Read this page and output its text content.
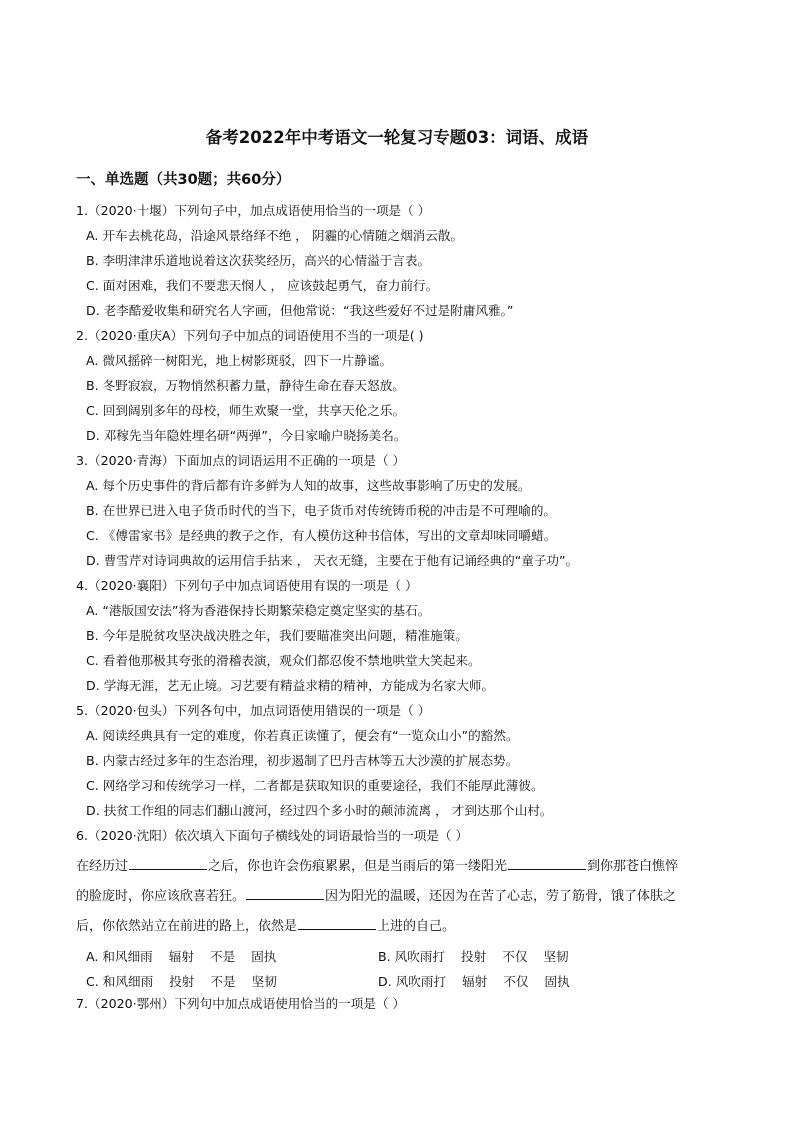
备考2022年中考语文一轮复习专题03：词语、成语
一、单选题（共30题；共60分）
1.（2020·十堰）下列句子中，加点成语使用恰当的一项是（ ）
A. 开车去桃花岛，沿途风景络绎不绝 ， 阴霾的心情随之烟消云散。
B. 李明津津乐道地说着这次获奖经历，高兴的心情溢于言表。
C. 面对困难，我们不要悲天悯人 ， 应该鼓起勇气，奋力前行。
D. 老李酷爱收集和研究名人字画，但他常说：“我这些爱好不过是附庸风雅。”
2.（2020·重庆A）下列句子中加点的词语使用不当的一项是( )
A. 微风摇碎一树阳光，地上树影斑驳，四下一片静谧。
B. 冬野寂寂，万物悄然积蓄力量，静待生命在春天怒放。
C. 回到阔别多年的母校，师生欢聚一堂，共享天伦之乐。
D. 邓稼先当年隐姓埋名研“两弹”，今日家喻户晓扬美名。
3.（2020·青海）下面加点的词语运用不正确的一项是（ ）
A. 每个历史事件的背后都有许多鲜为人知的故事，这些故事影响了历史的发展。
B. 在世界已进入电子货币时代的当下，电子货币对传统铸币税的冲击是不可理喻的。
C. 《傅雷家书》是经典的教子之作，有人模仿这种书信体，写出的文章却味同嚼蜡。
D. 曹雪芹对诗词典故的运用信手拈来 ， 天衣无缝，主要在于他有记诵经典的“童子功”。
4.（2020·襄阳）下列句子中加点词语使用有误的一项是（ ）
A. “港版国安法”将为香港保持长期繁荣稳定奠定坚实的基石。
B. 今年是脱贫攻坚决战决胜之年，我们要瞄准突出问题，精准施策。
C. 看着他那极其夸张的滑稽表演，观众们都忍俊不禁地哄堂大笑起来。
D. 学海无涯，艺无止境。习艺要有精益求精的精神，方能成为名家大师。
5.（2020·包头）下列各句中，加点词语使用错误的一项是（ ）
A. 阅读经典具有一定的难度，你若真正读懂了，便会有“一览众山小”的豁然。
B. 内蒙古经过多年的生态治理，初步遏制了巴丹吉林等五大沙漠的扩展态势。
C. 网络学习和传统学习一样，二者都是获取知识的重要途径，我们不能厚此薄彼。
D. 扶贫工作组的同志们翻山渡河，经过四个多小时的颠沛流离 ， 才到达那个山村。
6.（2020·沈阳）依次填入下面句子横线处的词语最恰当的一项是（ ）
在经历过	之后，你也许会伤痕累累，但是当雨后的第一缕阳光	到你那苍白憔悴
的脸庞时，你应该欣喜若狂。	因为阳光的温暖，还因为在苦了心志，劳了筋骨，饿了体肤之
后，你依然站立在前进的路上，依然是	上进的自己。
A. 和风细雨 辐射 不是 固执	B. 风吹雨打 投射 不仅 坚韧
C. 和风细雨 投射 不是 坚韧	D. 风吹雨打 辐射 不仅 固执
7.（2020·鄂州）下列句中加点成语使用恰当的一项是（ ）
